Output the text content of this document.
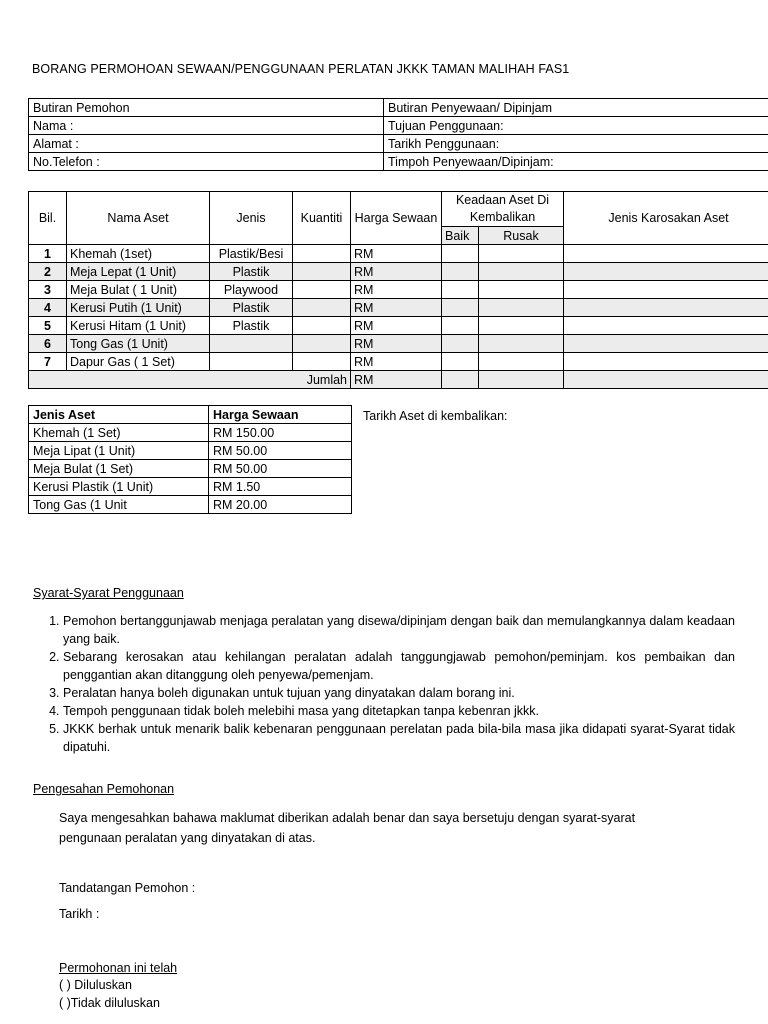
BORANG PERMOHOAN SEWAAN/PENGGUNAAN PERLATAN JKKK TAMAN MALIHAH FAS1
Butiran Pemohon	Butiran Penyewaan/ Dipinjam
Nama :	Tujuan Penggunaan:
Alamat :	Tarikh Penggunaan:
No.Telefon :	Timpoh Penyewaan/Dipinjam:
Bil.	Nama Aset	Jenis	Kuantiti	Harga Sewaan	Keadaan Aset Di Kembalikan		Jenis Karosakan Aset
					Baik	Rusak	
1	Khemah (1set)	Plastik/Besi		RM			
2	Meja Lepat (1 Unit)	Plastik		RM			
3	Meja Bulat ( 1 Unit)	Playwood		RM			
4	Kerusi Putih (1 Unit)	Plastik		RM			
5	Kerusi Hitam (1 Unit)	Plastik		RM			
6	Tong Gas (1 Unit)			RM			
7	Dapur Gas ( 1 Set)			RM			
Jumlah				RM			
Jenis Aset	Harga Sewaan
Khemah (1 Set)	RM 150.00
Meja Lipat (1 Unit)	RM 50.00
Meja Bulat (1 Set)	RM 50.00
Kerusi Plastik (1 Unit)	RM 1.50
Tong Gas (1 Unit	RM 20.00
Tarikh Aset di kembalikan:
Syarat-Syarat Penggunaan
1. Pemohon bertanggunjawab menjaga peralatan yang disewa/dipinjam dengan baik dan memulangkannya dalam keadaan yang baik.
2. Sebarang kerosakan atau kehilangan peralatan adalah tanggungjawab pemohon/peminjam. kos pembaikan dan penggantian akan ditanggung oleh penyewa/pemenjam.
3. Peralatan hanya boleh digunakan untuk tujuan yang dinyatakan dalam borang ini.
4. Tempoh penggunaan tidak boleh melebihi masa yang ditetapkan tanpa kebenran jkkk.
5. JKKK berhak untuk menarik balik kebenaran penggunaan perelatan pada bila-bila masa jika didapati syarat-Syarat tidak dipatuhi.
Pengesahan Pemohonan
Saya mengesahkan bahawa maklumat diberikan adalah benar dan saya bersetuju dengan syarat-syarat pengunaan peralatan yang dinyatakan di atas.
Tandatangan Pemohon :
Tarikh :
Permohonan ini telah
( ) Diluluskan
( )Tidak diluluskan
